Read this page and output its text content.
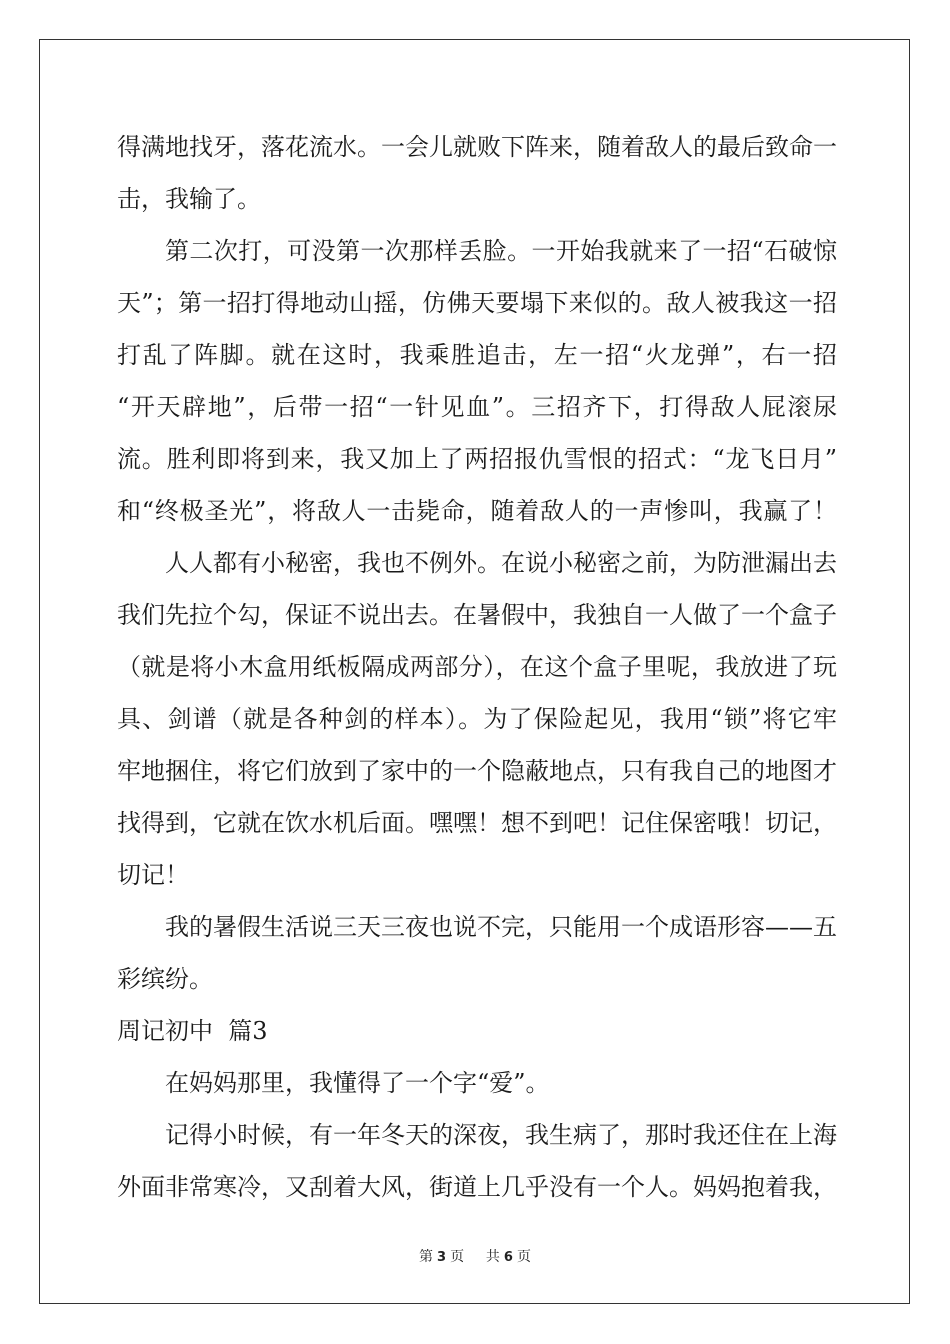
得满地找牙，落花流水。一会儿就败下阵来，随着敌人的最后致命一
击，我输了。
第二次打，可没第一次那样丢脸。一开始我就来了一招“石破惊
天”；第一招打得地动山摇，仿佛天要塌下来似的。敌人被我这一招
打乱了阵脚。就在这时，我乘胜追击，左一招“火龙弹”，右一招
“开天辟地”，后带一招“一针见血”。三招齐下，打得敌人屁滚尿
流。胜利即将到来，我又加上了两招报仇雪恨的招式：“龙飞日月”
和“终极圣光”，将敌人一击毙命，随着敌人的一声惨叫，我赢了！
人人都有小秘密，我也不例外。在说小秘密之前，为防泄漏出去
我们先拉个勾，保证不说出去。在暑假中，我独自一人做了一个盒子
（就是将小木盒用纸板隔成两部分），在这个盒子里呢，我放进了玩
具、剑谱（就是各种剑的样本）。为了保险起见，我用“锁”将它牢
牢地捆住，将它们放到了家中的一个隐蔽地点，只有我自己的地图才
找得到，它就在饮水机后面。嘿嘿！想不到吧！记住保密哦！切记，
切记！
我的暑假生活说三天三夜也说不完，只能用一个成语形容——五
彩缤纷。
周记初中  篇3
在妈妈那里，我懂得了一个字“爱”。
记得小时候，有一年冬天的深夜，我生病了，那时我还住在上海
外面非常寒冷，又刮着大风，街道上几乎没有一个人。妈妈抱着我，
第 3 页 共 6 页
